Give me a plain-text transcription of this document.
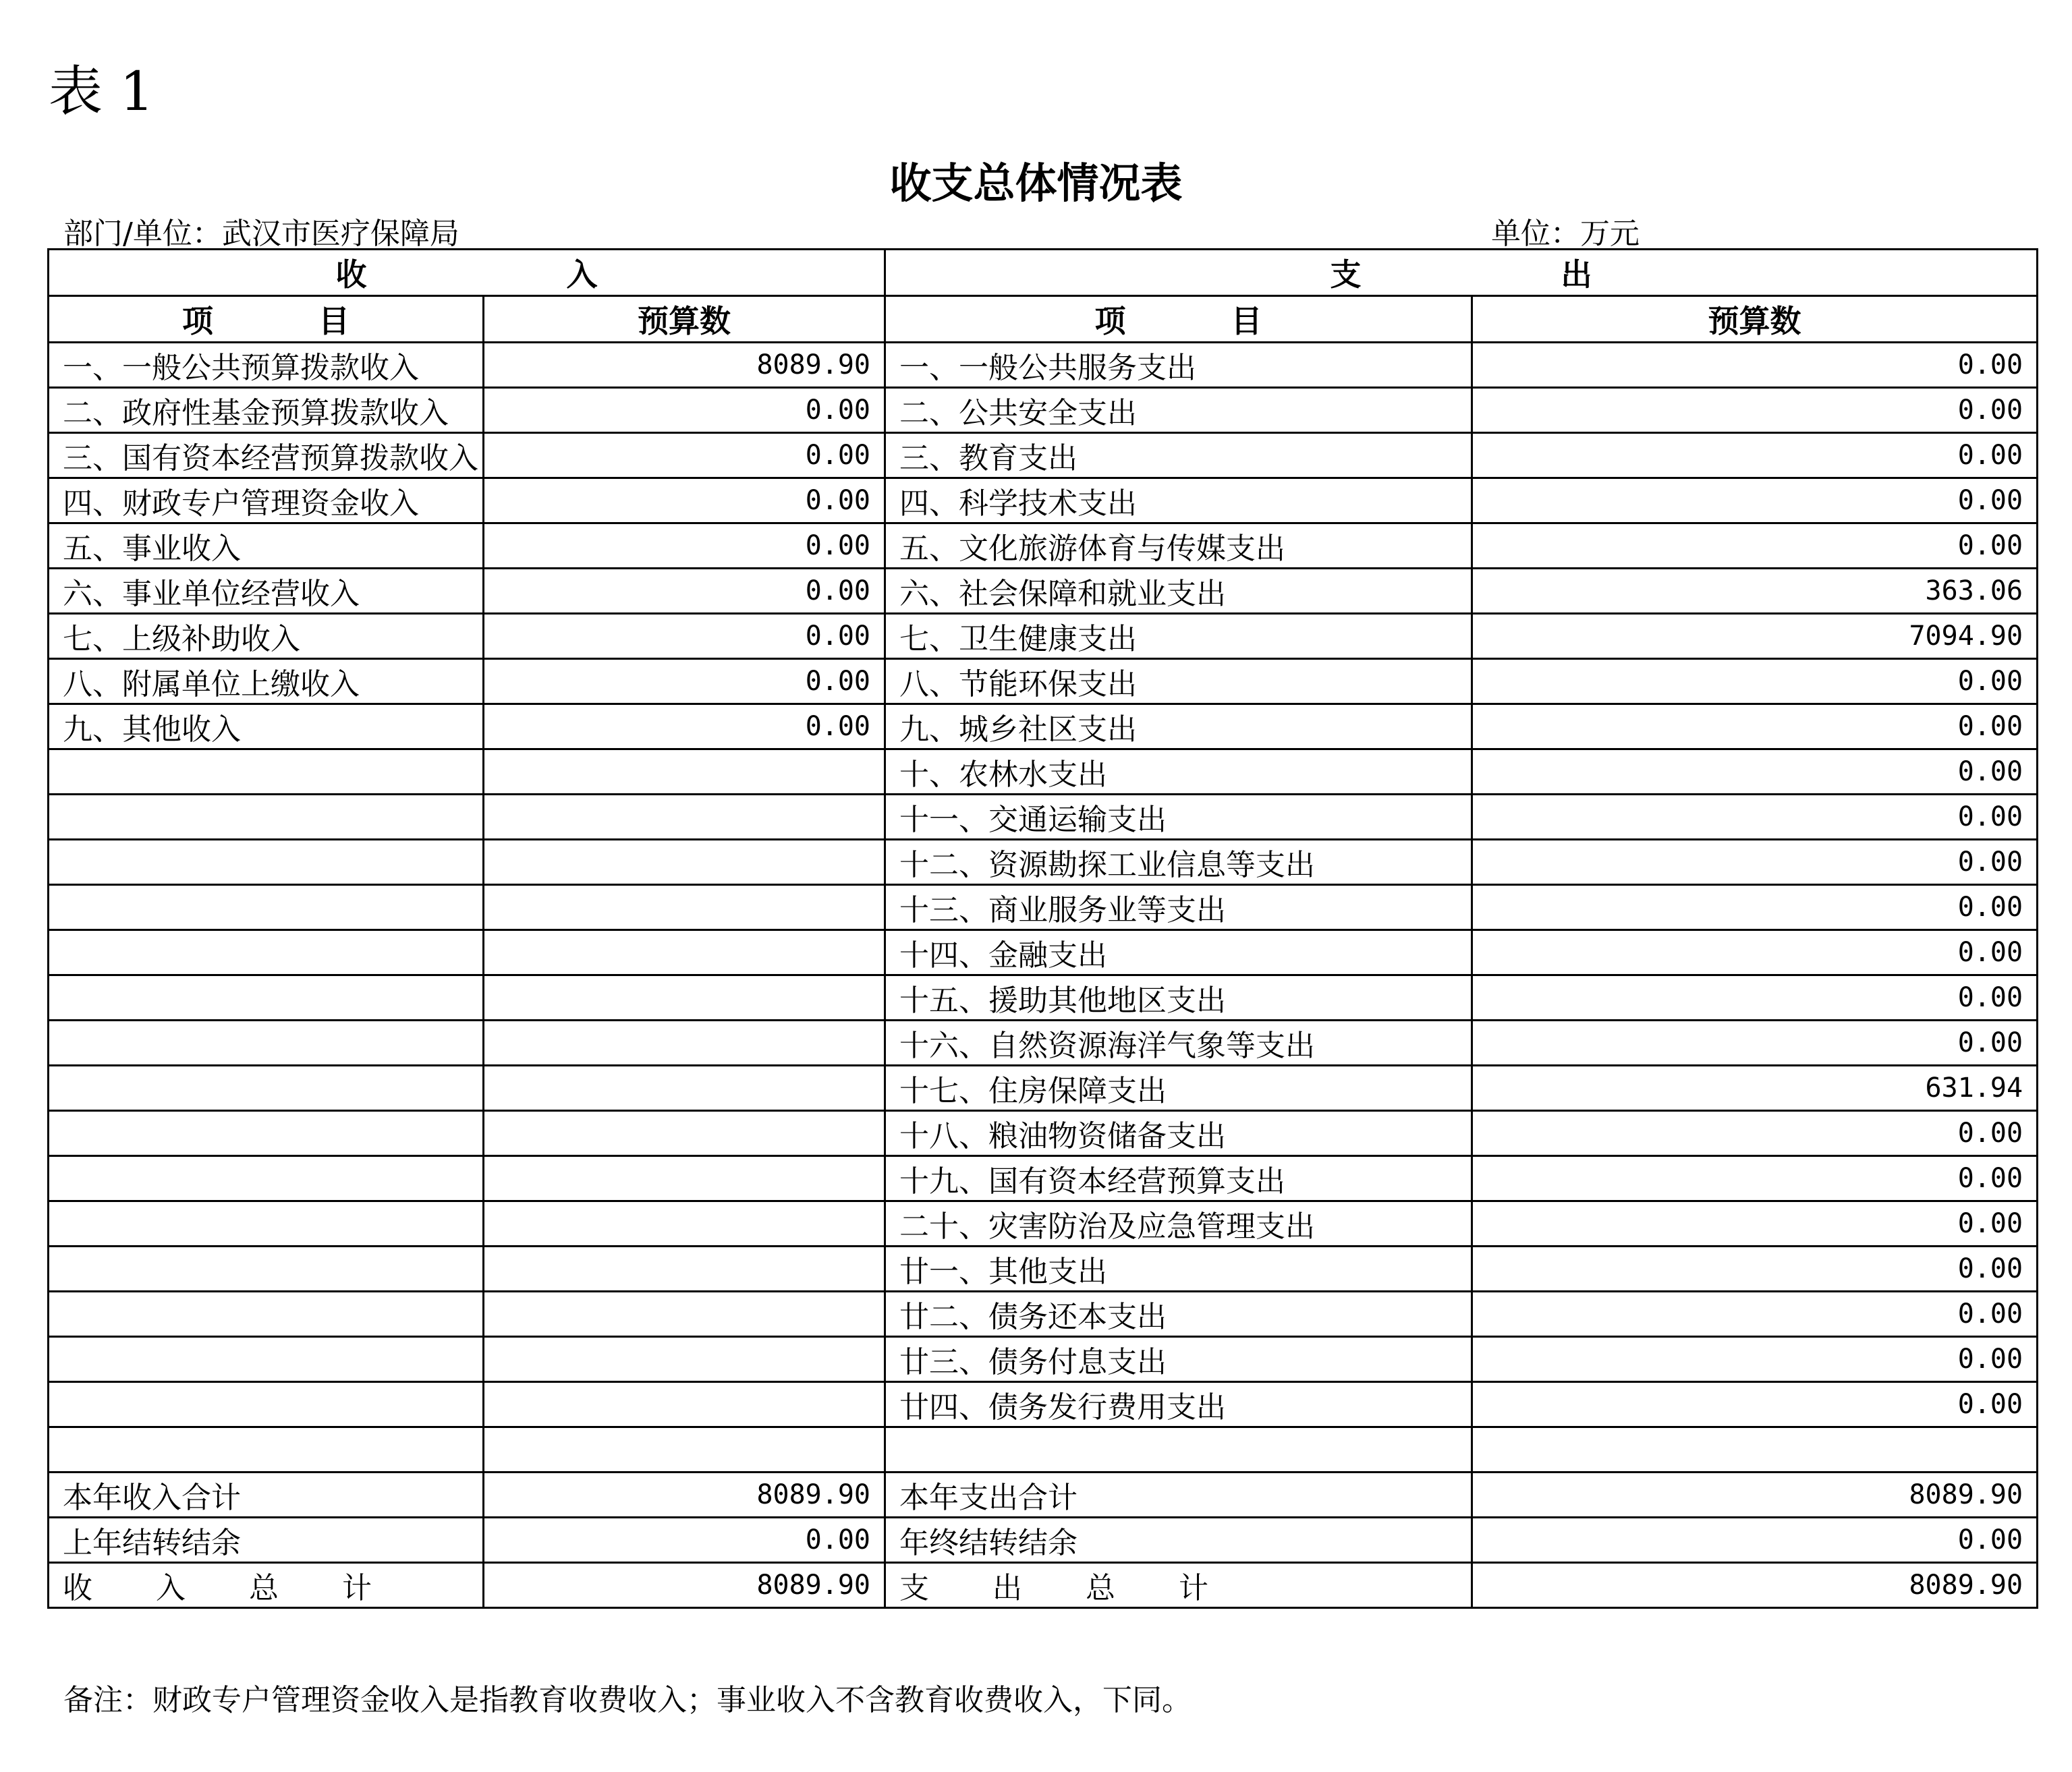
表 1
收支总体情况表
部门/单位：武汉市医疗保障局	单位：万元
收 入		支 出	
项 目	预算数	项 目	预算数
一、一般公共预算拨款收入	8089.90	一、一般公共服务支出	0.00
二、政府性基金预算拨款收入	0.00	二、公共安全支出	0.00
三、国有资本经营预算拨款收入	0.00	三、教育支出	0.00
四、财政专户管理资金收入	0.00	四、科学技术支出	0.00
五、事业收入	0.00	五、文化旅游体育与传媒支出	0.00
六、事业单位经营收入	0.00	六、社会保障和就业支出	363.06
七、上级补助收入	0.00	七、卫生健康支出	7094.90
八、附属单位上缴收入	0.00	八、节能环保支出	0.00
九、其他收入	0.00	九、城乡社区支出	0.00
		十、农林水支出	0.00
		十一、交通运输支出	0.00
		十二、资源勘探工业信息等支出	0.00
		十三、商业服务业等支出	0.00
		十四、金融支出	0.00
		十五、援助其他地区支出	0.00
		十六、自然资源海洋气象等支出	0.00
		十七、住房保障支出	631.94
		十八、粮油物资储备支出	0.00
		十九、国有资本经营预算支出	0.00
		二十、灾害防治及应急管理支出	0.00
		廿一、其他支出	0.00
		廿二、债务还本支出	0.00
		廿三、债务付息支出	0.00
		廿四、债务发行费用支出	0.00

本年收入合计	8089.90	本年支出合计	8089.90
上年结转结余	0.00	年终结转结余	0.00
收 入 总 计	8089.90	支 出 总 计	8089.90
备注：财政专户管理资金收入是指教育收费收入；事业收入不含教育收费收入，下同。
